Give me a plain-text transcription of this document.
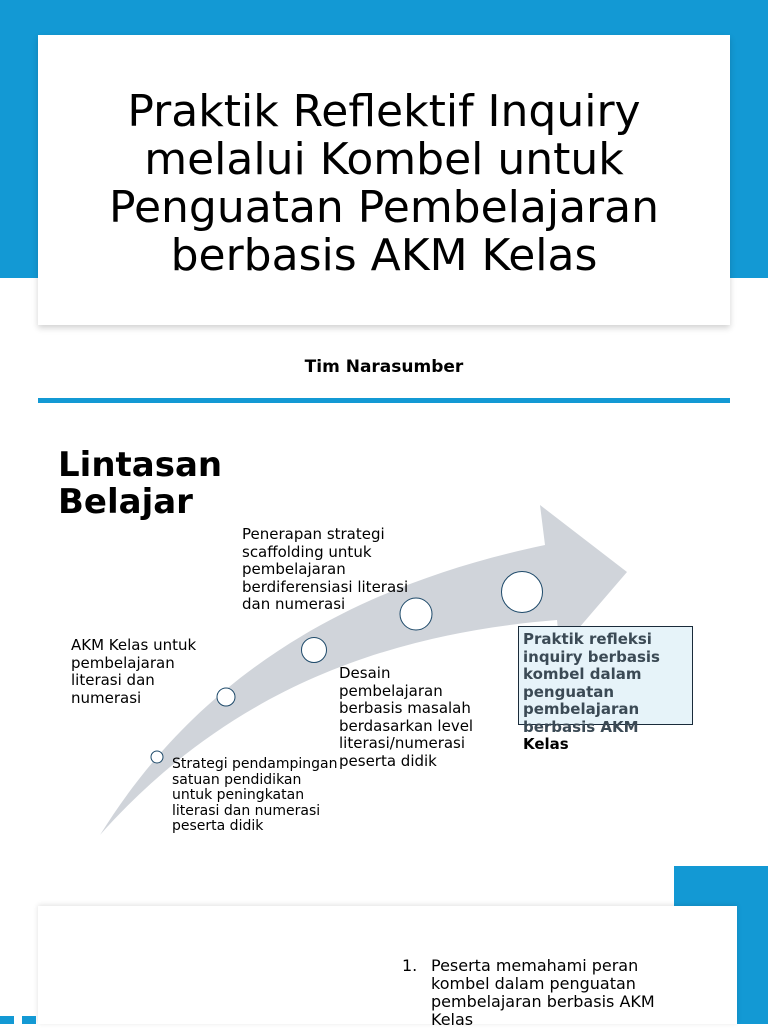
Praktik Reflektif Inquiry melalui Kombel untuk Penguatan Pembelajaran berbasis AKM Kelas
Tim Narasumber
Lintasan Belajar
AKM Kelas untuk
pembelajaran
literasi dan
numerasi
Strategi pendampingan
satuan pendidikan
untuk peningkatan
literasi dan numerasi
peserta didik
Desain
pembelajaran
berbasis masalah
berdasarkan level
literasi/numerasi
peserta didik
Penerapan strategi
scaffolding untuk
pembelajaran
berdiferensiasi literasi
dan numerasi
Praktik refleksi
inquiry berbasis
kombel dalam
penguatan
pembelajaran
berbasis AKM
Kelas
1. Peserta memahami peran
kombel dalam penguatan
pembelajaran berbasis AKM
Kelas
